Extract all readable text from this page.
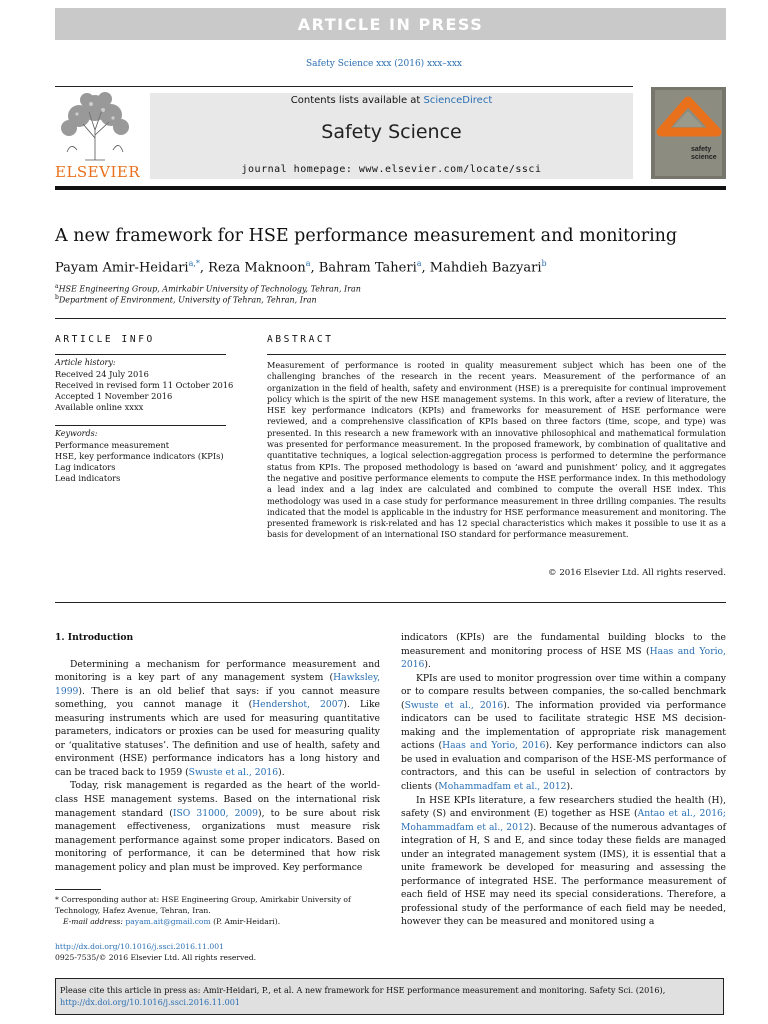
ARTICLE IN PRESS
Safety Science xxx (2016) xxx–xxx
ELSEVIER
Contents lists available at ScienceDirect
Safety Science
journal homepage: www.elsevier.com/locate/ssci
safety
science
A new framework for HSE performance measurement and monitoring
Payam Amir-Heidari$^{a,*}$, Reza Maknoon$^a$, Bahram Taheri$^a$, Mahdieh Bazyari$^b$
$^a$HSE Engineering Group, Amirkabir University of Technology, Tehran, Iran
$^b$Department of Environment, University of Tehran, Tehran, Iran
ARTICLE INFO
Article history:
Received 24 July 2016
Received in revised form 11 October 2016
Accepted 1 November 2016
Available online xxxx
Keywords:
Performance measurement
HSE, key performance indicators (KPIs)
Lag indicators
Lead indicators
ABSTRACT
Measurement of performance is rooted in quality measurement subject which has been one of the challenging branches of the research in the recent years. Measurement of the performance of an organization in the field of health, safety and environment (HSE) is a prerequisite for continual improvement policy which is the spirit of the new HSE management systems. In this work, after a review of literature, the HSE key performance indicators (KPIs) and frameworks for measurement of HSE performance were reviewed, and a comprehensive classification of KPIs based on three factors (time, scope, and type) was presented. In this research a new framework with an innovative philosophical and mathematical formulation was presented for performance measurement. In the proposed framework, by combination of qualitative and quantitative techniques, a logical selection-aggregation process is performed to determine the performance status from KPIs. The proposed methodology is based on ‘award and punishment’ policy, and it aggregates the negative and positive performance elements to compute the HSE performance index. In this methodology a lead index and a lag index are calculated and combined to compute the overall HSE index. This methodology was used in a case study for performance measurement in three drilling companies. The results indicated that the model is applicable in the industry for HSE performance measurement and monitoring. The presented framework is risk-related and has 12 special characteristics which makes it possible to use it as a basis for development of an international ISO standard for performance measurement.
© 2016 Elsevier Ltd. All rights reserved.

1. Introduction

Determining a mechanism for performance measurement and monitoring is a key part of any management system (Hawksley, 1999). There is an old belief that says: if you cannot measure something, you cannot manage it (Hendershot, 2007). Like measuring instruments which are used for measuring quantitative parameters, indicators or proxies can be used for measuring quality or ‘qualitative statuses’. The definition and use of health, safety and environment (HSE) performance indicators has a long history and can be traced back to 1959 (Swuste et al., 2016).

Today, risk management is regarded as the heart of the world-class HSE management systems. Based on the international risk management standard (ISO 31000, 2009), to be sure about risk management effectiveness, organizations must measure risk management performance against some proper indicators. Based on monitoring of performance, it can be determined that how risk management policy and plan must be improved. Key performance

indicators (KPIs) are the fundamental building blocks to the measurement and monitoring process of HSE MS (Haas and Yorio, 2016).

KPIs are used to monitor progression over time within a company or to compare results between companies, the so-called benchmark (Swuste et al., 2016). The information provided via performance indicators can be used to facilitate strategic HSE MS decision-making and the implementation of appropriate risk management actions (Haas and Yorio, 2016). Key performance indictors can also be used in evaluation and comparison of the HSE-MS performance of contractors, and this can be useful in selection of contractors by clients (Mohammadfam et al., 2012).

In HSE KPIs literature, a few researchers studied the health (H), safety (S) and environment (E) together as HSE (Antao et al., 2016; Mohammadfam et al., 2012). Because of the numerous advantages of integration of H, S and E, and since today these fields are managed under an integrated management system (IMS), it is essential that a unite framework be developed for measuring and assessing the performance of integrated HSE. The performance measurement of each field of HSE may need its special considerations. Therefore, a professional study of the performance of each field may be needed, however they can be measured and monitored using a

* Corresponding author at: HSE Engineering Group, Amirkabir University of Technology, Hafez Avenue, Tehran, Iran.
E-mail address: payam.ait@gmail.com (P. Amir-Heidari).
http://dx.doi.org/10.1016/j.ssci.2016.11.001
0925-7535/© 2016 Elsevier Ltd. All rights reserved.
Please cite this article in press as: Amir-Heidari, P., et al. A new framework for HSE performance measurement and monitoring. Safety Sci. (2016), http://dx.doi.org/10.1016/j.ssci.2016.11.001
